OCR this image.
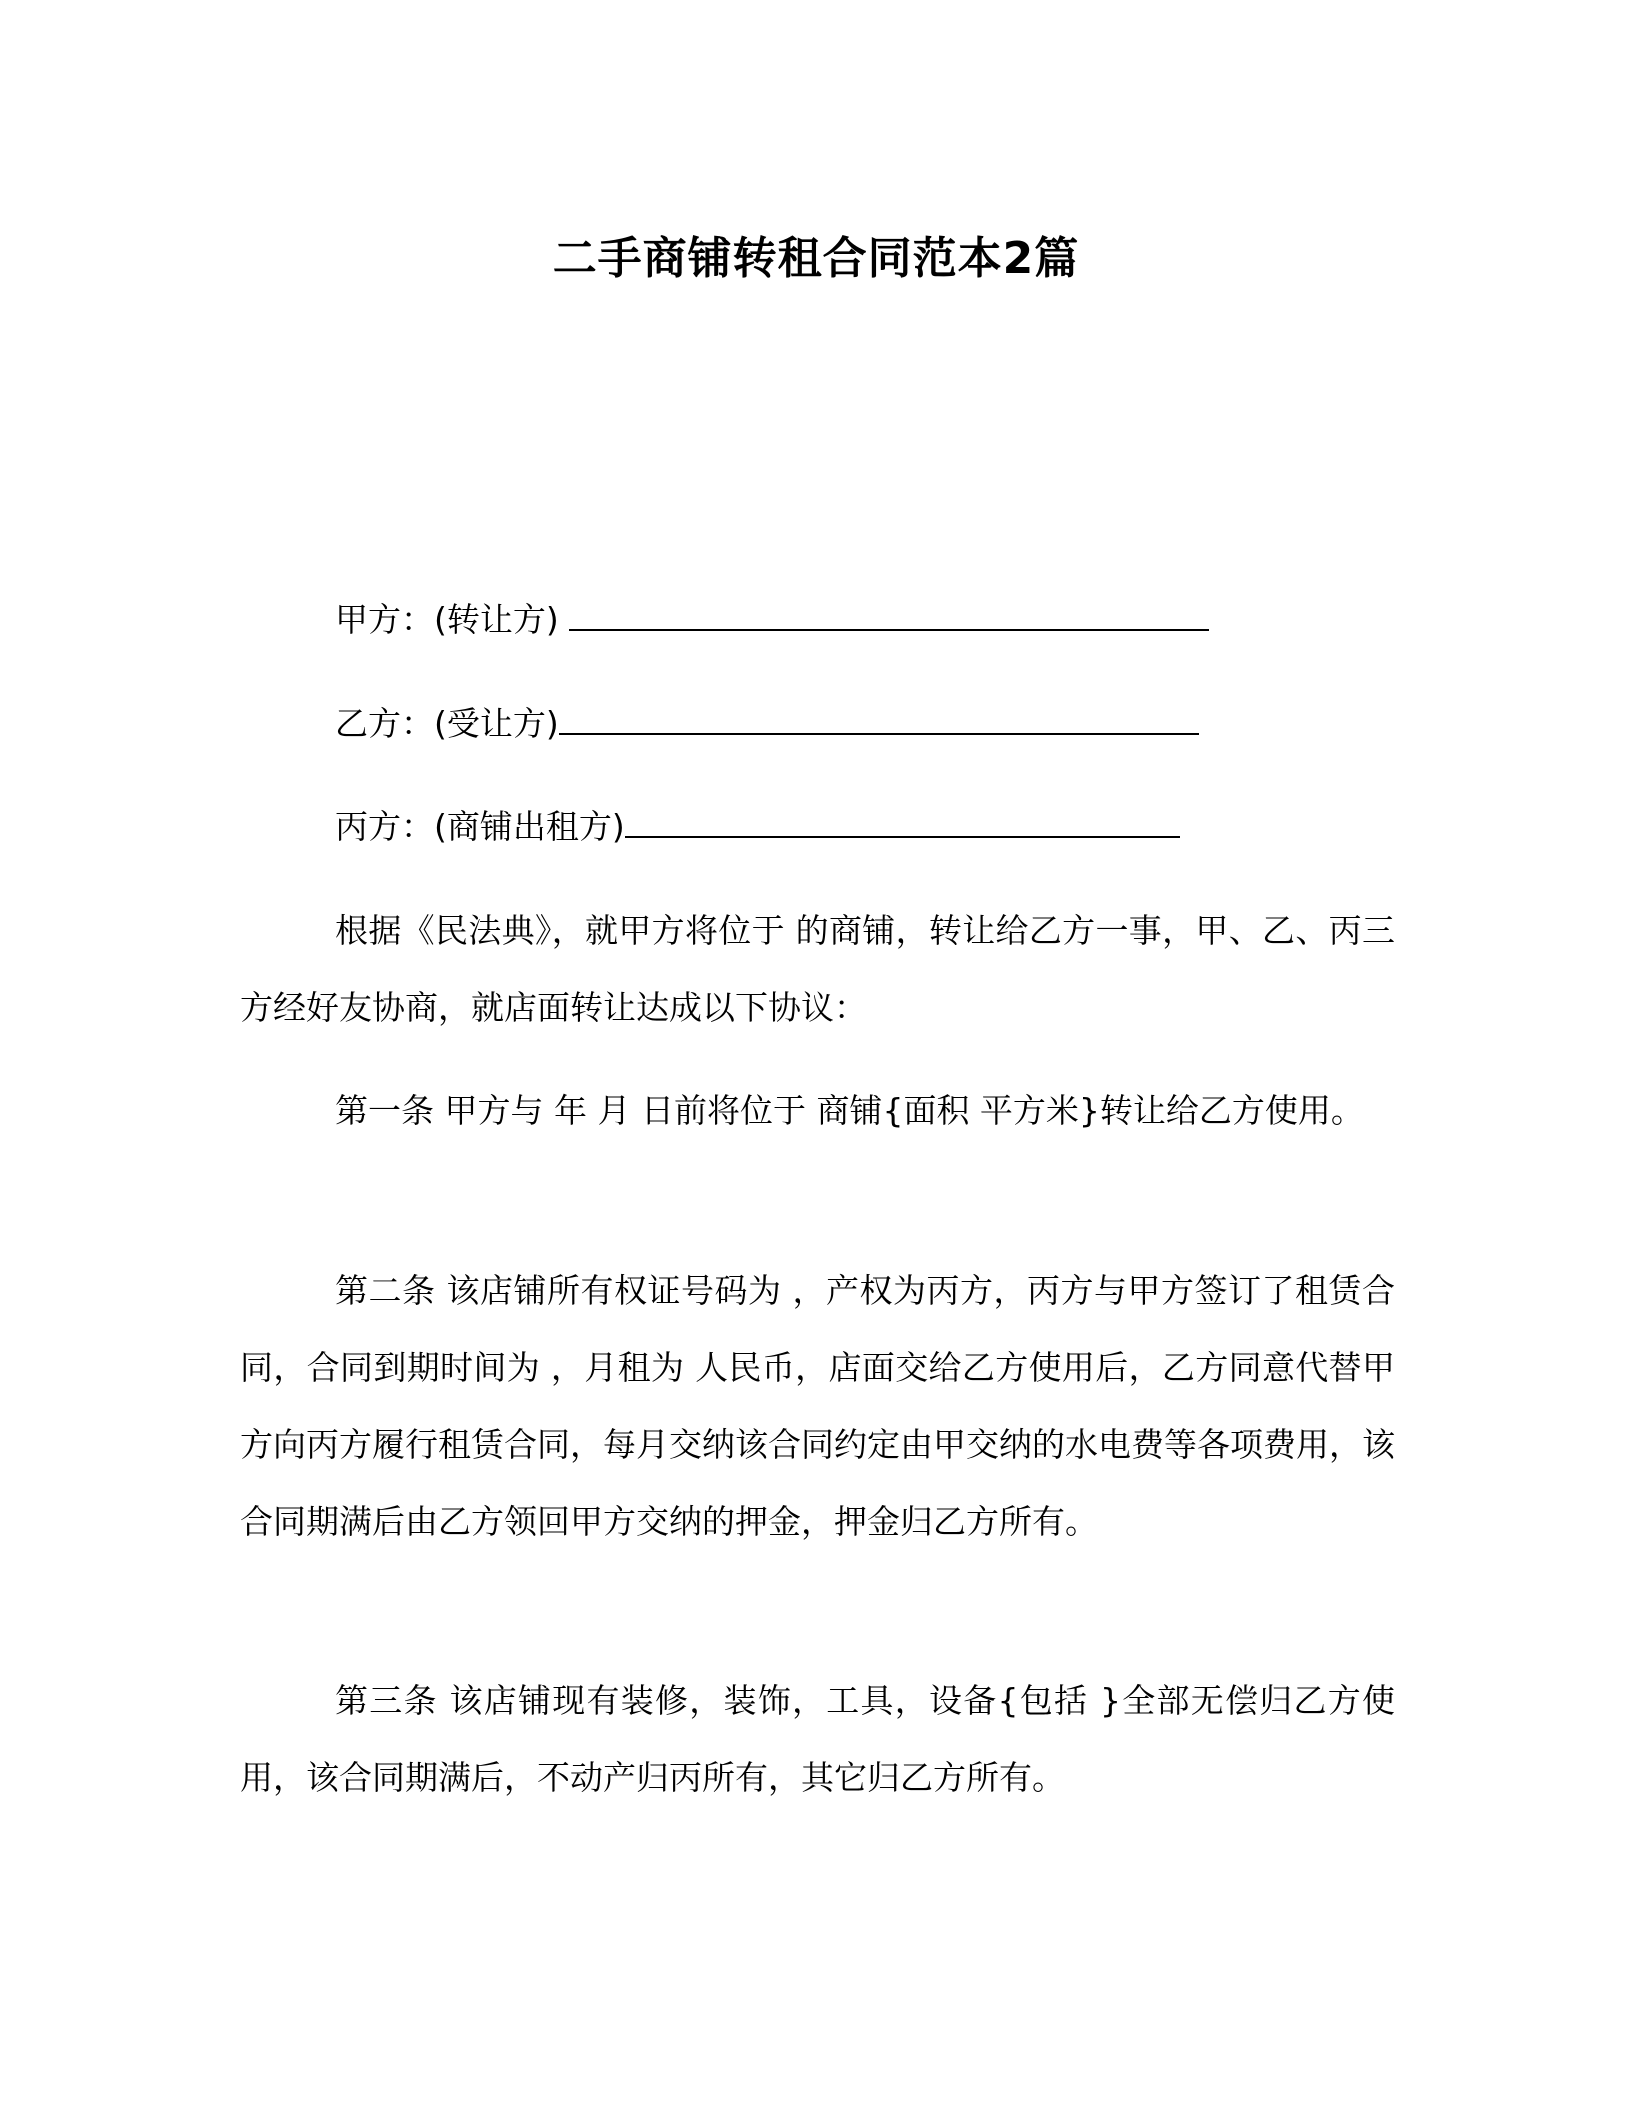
二手商铺转租合同范本2篇
甲方：(转让方)
乙方：(受让方)
丙方：(商铺出租方)
根据《民法典》，就甲方将位于 的商铺，转让给乙方一事，甲、乙、丙三方经好友协商，就店面转让达成以下协议：
第一条 甲方与 年 月 日前将位于 商铺{面积 平方米}转让给乙方使用。
第二条 该店铺所有权证号码为 ，产权为丙方，丙方与甲方签订了租赁合同，合同到期时间为 ，月租为 人民币，店面交给乙方使用后，乙方同意代替甲方向丙方履行租赁合同，每月交纳该合同约定由甲交纳的水电费等各项费用，该合同期满后由乙方领回甲方交纳的押金，押金归乙方所有。
第三条 该店铺现有装修，装饰，工具，设备{包括 }全部无偿归乙方使用，该合同期满后，不动产归丙所有，其它归乙方所有。
